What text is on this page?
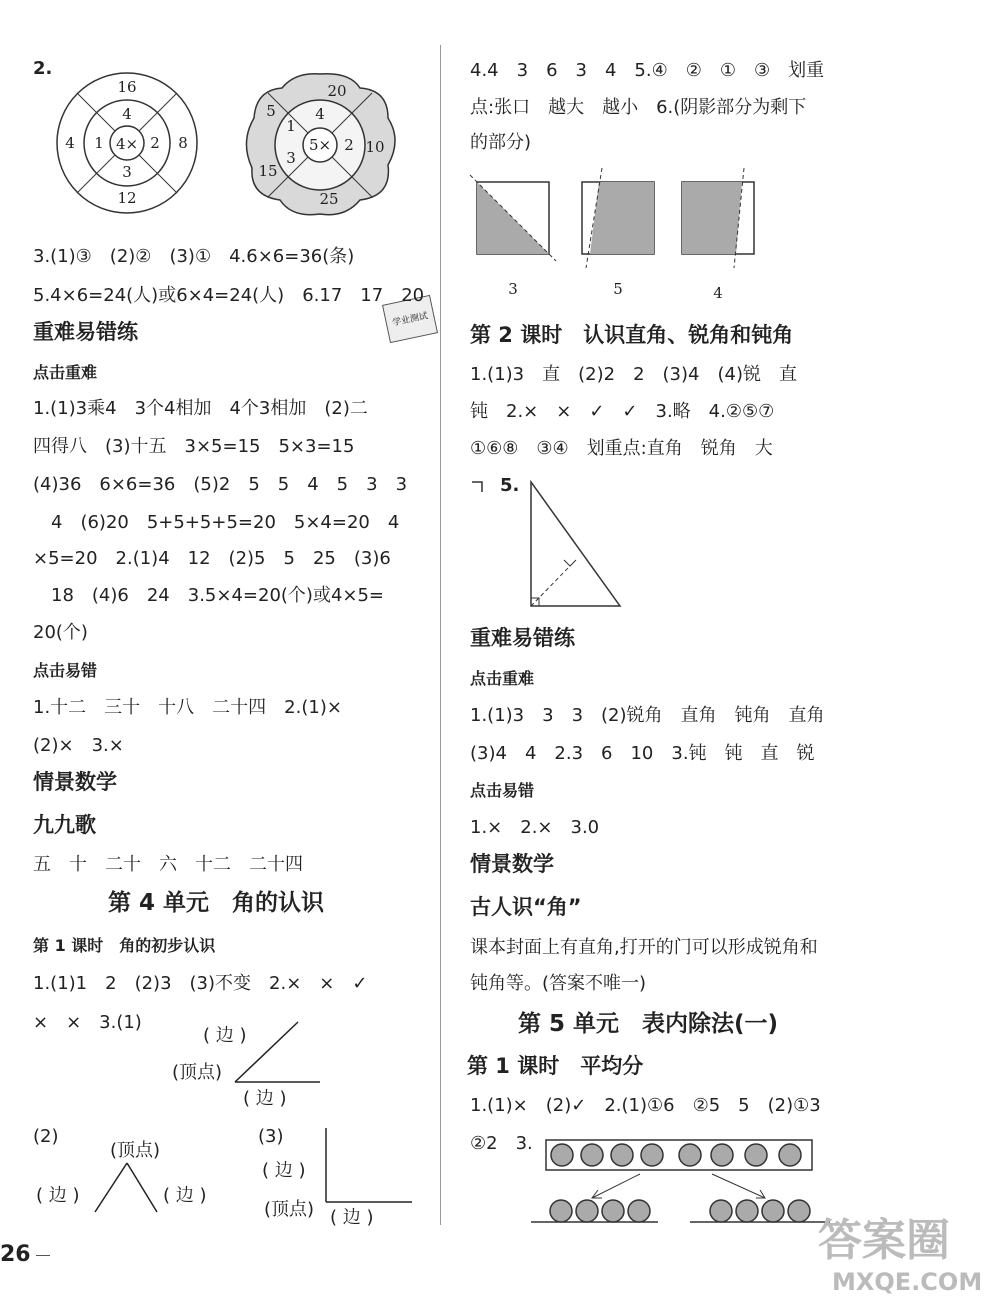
2.
16
4 1 4× 2 8
4
3
12
20
5
1
5× 2 10
4
3
15
25
学业测试
3.(1)③　(2)②　(3)①　4.6×6=36(条)
5.4×6=24(人)或6×4=24(人)　6.17　17　20
重难易错练
点击重难
1.(1)3乘4　3个4相加　4个3相加　(2)二
四得八　(3)十五　3×5=15　5×3=15
(4)36　6×6=36　(5)2　5　5　4　5　3　3
4　(6)20　5+5+5+5=20　5×4=20　4
×5=20　2.(1)4　12　(2)5　5　25　(3)6
18　(4)6　24　3.5×4=20(个)或4×5=
20(个)
点击易错
1.十二　三十　十八　二十四　2.(1)×
(2)×　3.×
情景数学
九九歌
五　十　二十　六　十二　二十四
第 4 单元　角的认识
第 1 课时　角的初步认识
1.(1)1　2　(2)3　(3)不变　2.×　×　✓
×　×　3.(1)
( 边 )
(顶点)
( 边 )
(2)
(顶点)
( 边 )	( 边 )
(3)
( 边 )
(顶点) ( 边 )
26
4.4　3　6　3　4　5.④　②　①　③　划重
点:张口　越大　越小　6.(阴影部分为剩下
的部分)
3	5	4
第 2 课时　认识直角、锐角和钝角
1.(1)3　直　(2)2　2　(3)4　(4)锐　直
钝　2.×　×　✓　✓　3.略　4.②⑤⑦
①⑥⑧　③④　划重点:直角　锐角　大
5.
重难易错练
点击重难
1.(1)3　3　3　(2)锐角　直角　钝角　直角
(3)4　4　2.3　6　10　3.钝　钝　直　锐
点击易错
1.×　2.×　3.0
情景数学
古人识“角”
课本封面上有直角,打开的门可以形成锐角和
钝角等。(答案不唯一)
第 5 单元　表内除法(一)
第 1 课时　平均分
1.(1)×　(2)✓　2.(1)①6　②5　5　(2)①3
②2　3.
答案圈
MXQE.COM
